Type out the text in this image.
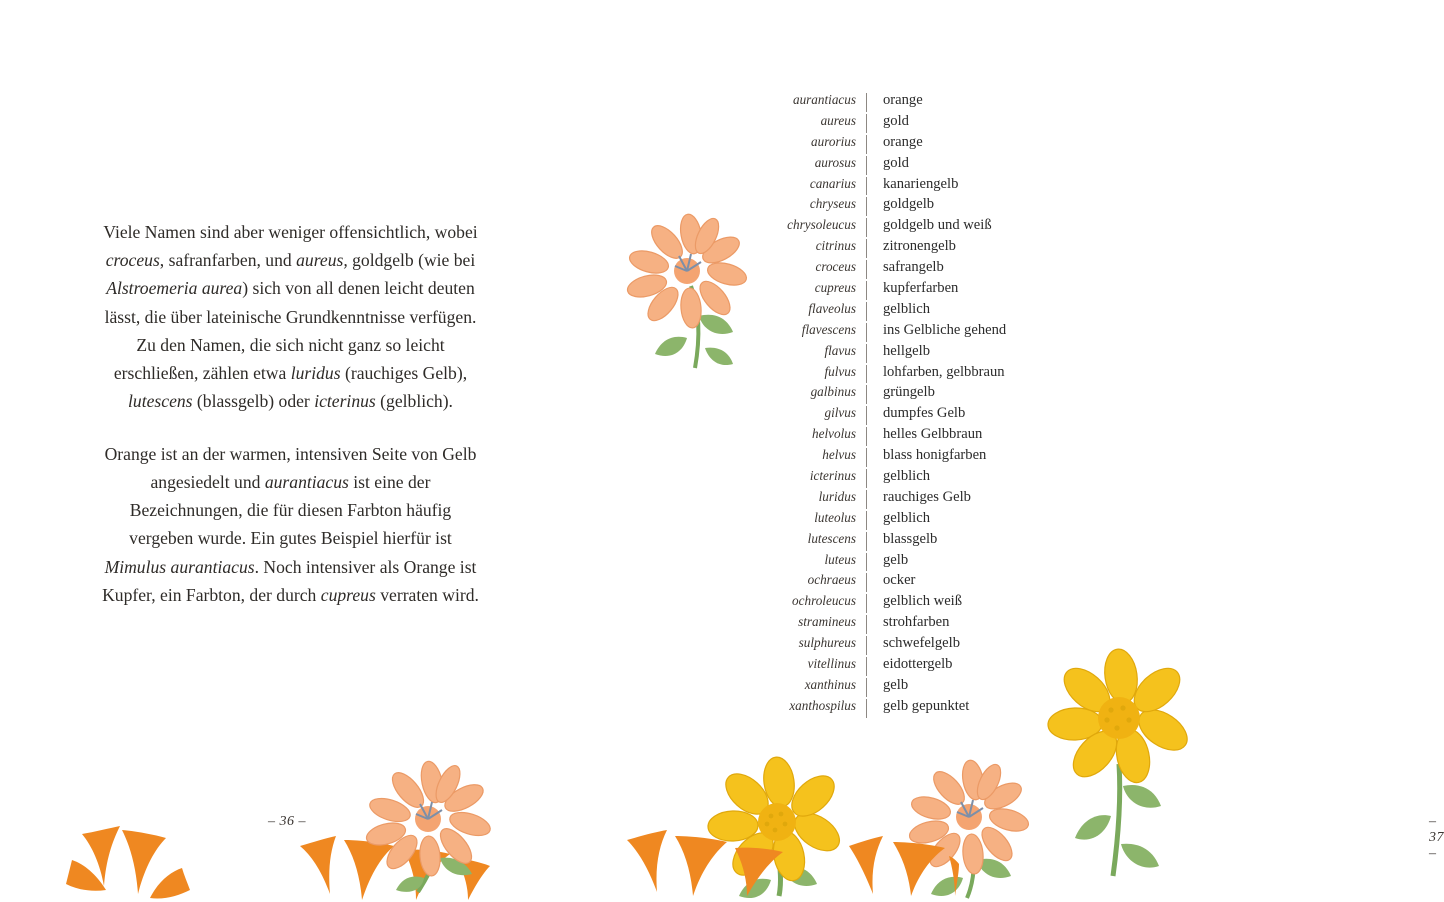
Viele Namen sind aber weniger offensichtlich, wobei croceus, safranfarben, und aureus, goldgelb (wie bei Alstroemeria aurea) sich von all denen leicht deuten lässt, die über lateinische Grundkenntnisse verfügen. Zu den Namen, die sich nicht ganz so leicht erschließen, zählen etwa luridus (rauchiges Gelb), lutescens (blassgelb) oder icterinus (gelblich).

Orange ist an der warmen, intensiven Seite von Gelb angesiedelt und aurantiacus ist eine der Bezeichnungen, die für diesen Farbton häufig vergeben wurde. Ein gutes Beispiel hierfür ist Mimulus aurantiacus. Noch intensiver als Orange ist Kupfer, ein Farbton, der durch cupreus verraten wird.

– 36 –
aurantiacus	orange
aureus	gold
aurorius	orange
aurosus	gold
canarius	kanariengelb
chryseus	goldgelb
chrysoleucus	goldgelb und weiß
citrinus	zitronengelb
croceus	safrangelb
cupreus	kupferfarben
flaveolus	gelblich
flavescens	ins Gelbliche gehend
flavus	hellgelb
fulvus	lohfarben, gelbbraun
galbinus	grüngelb
gilvus	dumpfes Gelb
helvolus	helles Gelbbraun
helvus	blass honigfarben
icterinus	gelblich
luridus	rauchiges Gelb
luteolus	gelblich
lutescens	blassgelb
luteus	gelb
ochraeus	ocker
ochroleucus	gelblich weiß
stramineus	strohfarben
sulphureus	schwefelgelb
vitellinus	eidottergelb
xanthinus	gelb
xanthospilus	gelb gepunktet
– 37 –
